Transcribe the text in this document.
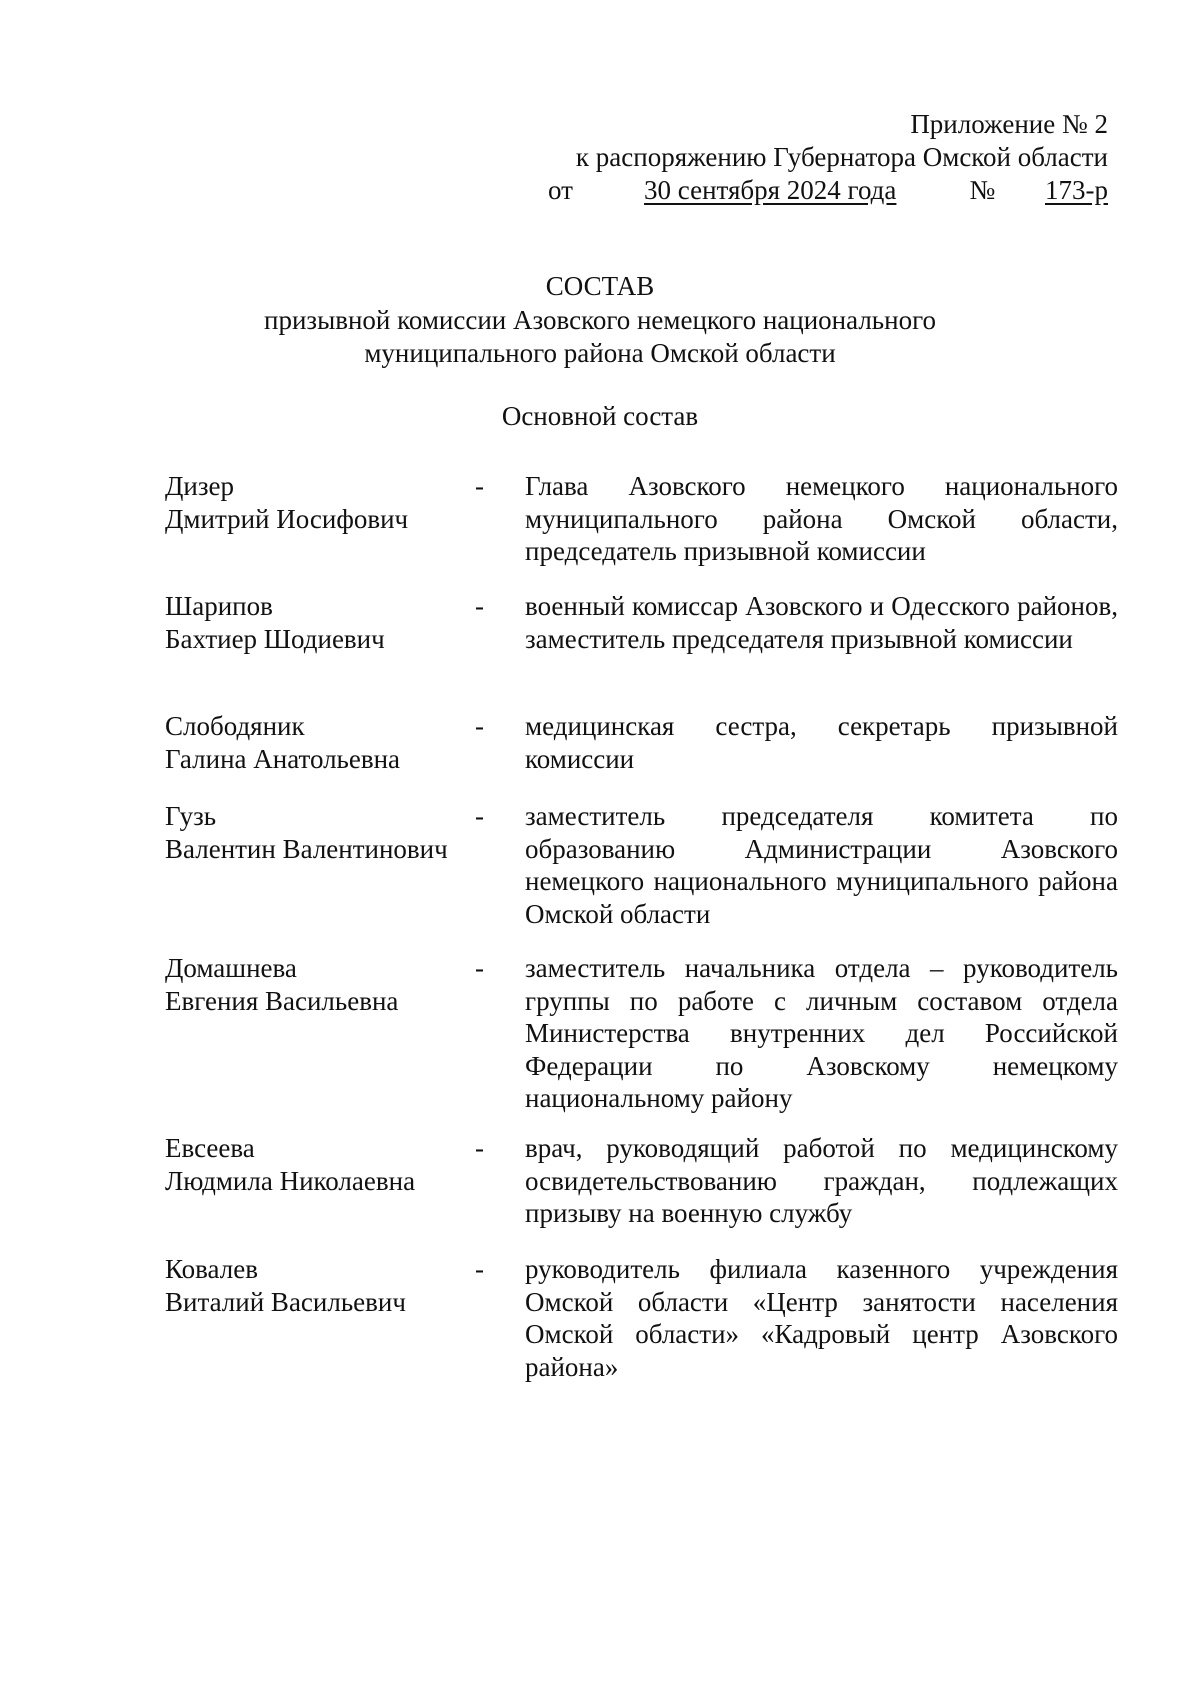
Приложение № 2
к распоряжению Губернатора Омской области
от	30 сентября 2024 года	№	173-р
СОСТАВ
призывной комиссии Азовского немецкого национального
муниципального района Омской области
Основной состав
Дизер
Дмитрий Иосифович
-	Глава Азовского немецкого национального муниципального района Омской области, председатель призывной комиссии
Шарипов
Бахтиер Шодиевич
-	военный комиссар Азовского и Одесского районов, заместитель председателя призывной комиссии
Слободяник
Галина Анатольевна
-	медицинская сестра, секретарь призывной комиссии
Гузь
Валентин Валентинович
-	заместитель председателя комитета по образованию Администрации Азовского немецкого национального муниципального района Омской области
Домашнева
Евгения Васильевна
-	заместитель начальника отдела – руководитель группы по работе с личным составом отдела Министерства внутренних дел Российской Федерации по Азовскому немецкому национальному району
Евсеева
Людмила Николаевна
-	врач, руководящий работой по медицинскому освидетельствованию граждан, подлежащих призыву на военную службу
Ковалев
Виталий Васильевич
-	руководитель филиала казенного учреждения Омской области «Центр занятости населения Омской области» «Кадровый центр Азовского района»
